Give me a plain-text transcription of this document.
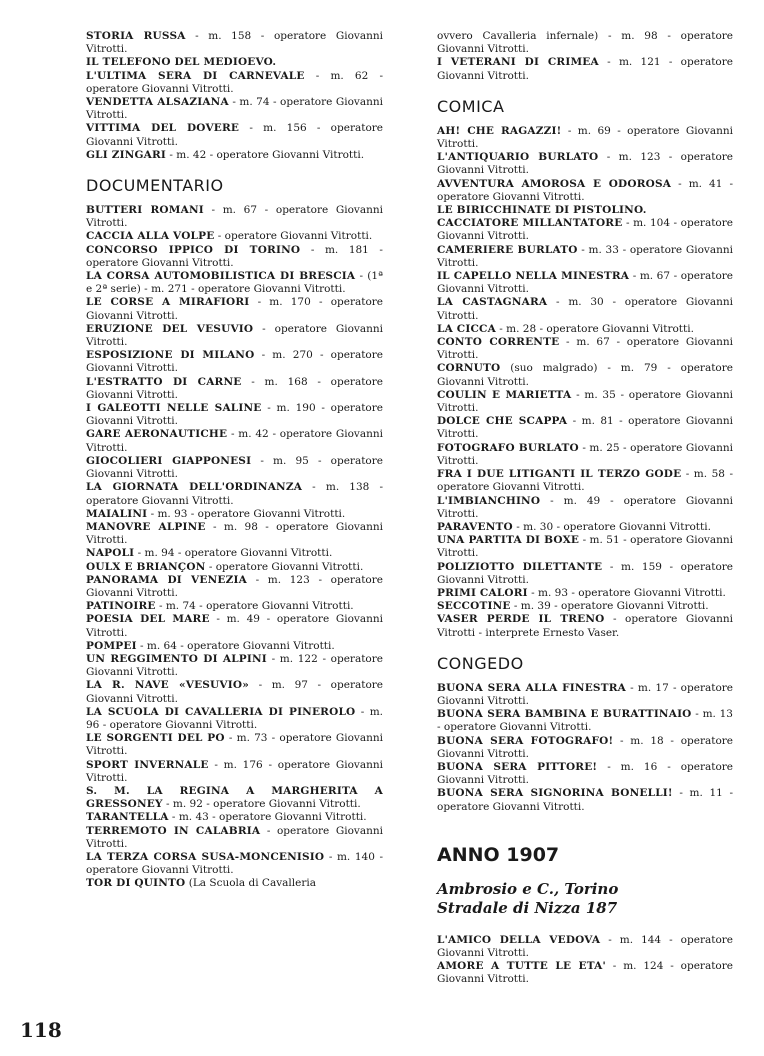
STORIA RUSSA - m. 158 - operatore Giovanni Vitrotti.
IL TELEFONO DEL MEDIOEVO.
L'ULTIMA SERA DI CARNEVALE - m. 62 - operatore Giovanni Vitrotti.
VENDETTA ALSAZIANA - m. 74 - operatore Giovanni Vitrotti.
VITTIMA DEL DOVERE - m. 156 - operatore Giovanni Vitrotti.
GLI ZINGARI - m. 42 - operatore Giovanni Vitrotti.
DOCUMENTARIO
BUTTERI ROMANI - m. 67 - operatore Giovanni Vitrotti.
CACCIA ALLA VOLPE - operatore Giovanni Vitrotti.
CONCORSO IPPICO DI TORINO - m. 181 - operatore Giovanni Vitrotti.
LA CORSA AUTOMOBILISTICA DI BRESCIA - (1ª e 2ª serie) - m. 271 - operatore Giovanni Vitrotti.
LE CORSE A MIRAFIORI - m. 170 - operatore Giovanni Vitrotti.
ERUZIONE DEL VESUVIO - operatore Giovanni Vitrotti.
ESPOSIZIONE DI MILANO - m. 270 - operatore Giovanni Vitrotti.
L'ESTRATTO DI CARNE - m. 168 - operatore Giovanni Vitrotti.
I GALEOTTI NELLE SALINE - m. 190 - operatore Giovanni Vitrotti.
GARE AERONAUTICHE - m. 42 - operatore Giovanni Vitrotti.
GIOCOLIERI GIAPPONESI - m. 95 - operatore Giovanni Vitrotti.
LA GIORNATA DELL'ORDINANZA - m. 138 - operatore Giovanni Vitrotti.
MAIALINI - m. 93 - operatore Giovanni Vitrotti.
MANOVRE ALPINE - m. 98 - operatore Giovanni Vitrotti.
NAPOLI - m. 94 - operatore Giovanni Vitrotti.
OULX E BRIANÇON - operatore Giovanni Vitrotti.
PANORAMA DI VENEZIA - m. 123 - operatore Giovanni Vitrotti.
PATINOIRE - m. 74 - operatore Giovanni Vitrotti.
POESIA DEL MARE - m. 49 - operatore Giovanni Vitrotti.
POMPEI - m. 64 - operatore Giovanni Vitrotti.
UN REGGIMENTO DI ALPINI - m. 122 - operatore Giovanni Vitrotti.
LA R. NAVE «VESUVIO» - m. 97 - operatore Giovanni Vitrotti.
LA SCUOLA DI CAVALLERIA DI PINEROLO - m. 96 - operatore Giovanni Vitrotti.
LE SORGENTI DEL PO - m. 73 - operatore Giovanni Vitrotti.
SPORT INVERNALE - m. 176 - operatore Giovanni Vitrotti.
S. M. LA REGINA A MARGHERITA A GRESSONEY - m. 92 - operatore Giovanni Vitrotti.
TARANTELLA - m. 43 - operatore Giovanni Vitrotti.
TERREMOTO IN CALABRIA - operatore Giovanni Vitrotti.
LA TERZA CORSA SUSA-MONCENISIO - m. 140 - operatore Giovanni Vitrotti.
TOR DI QUINTO (La Scuola di Cavalleria
ovvero Cavalleria infernale) - m. 98 - operatore Giovanni Vitrotti.
I VETERANI DI CRIMEA - m. 121 - operatore Giovanni Vitrotti.
COMICA
AH! CHE RAGAZZI! - m. 69 - operatore Giovanni Vitrotti.
L'ANTIQUARIO BURLATO - m. 123 - operatore Giovanni Vitrotti.
AVVENTURA AMOROSA E ODOROSA - m. 41 - operatore Giovanni Vitrotti.
LE BIRICCHINATE DI PISTOLINO.
CACCIATORE MILLANTATORE - m. 104 - operatore Giovanni Vitrotti.
CAMERIERE BURLATO - m. 33 - operatore Giovanni Vitrotti.
IL CAPELLO NELLA MINESTRA - m. 67 - operatore Giovanni Vitrotti.
LA CASTAGNARA - m. 30 - operatore Giovanni Vitrotti.
LA CICCA - m. 28 - operatore Giovanni Vitrotti.
CONTO CORRENTE - m. 67 - operatore Giovanni Vitrotti.
CORNUTO (suo malgrado) - m. 79 - operatore Giovanni Vitrotti.
COULIN E MARIETTA - m. 35 - operatore Giovanni Vitrotti.
DOLCE CHE SCAPPA - m. 81 - operatore Giovanni Vitrotti.
FOTOGRAFO BURLATO - m. 25 - operatore Giovanni Vitrotti.
FRA I DUE LITIGANTI IL TERZO GODE - m. 58 - operatore Giovanni Vitrotti.
L'IMBIANCHINO - m. 49 - operatore Giovanni Vitrotti.
PARAVENTO - m. 30 - operatore Giovanni Vitrotti.
UNA PARTITA DI BOXE - m. 51 - operatore Giovanni Vitrotti.
POLIZIOTTO DILETTANTE - m. 159 - operatore Giovanni Vitrotti.
PRIMI CALORI - m. 93 - operatore Giovanni Vitrotti.
SECCOTINE - m. 39 - operatore Giovanni Vitrotti.
VASER PERDE IL TRENO - operatore Giovanni Vitrotti - interprete Ernesto Vaser.
CONGEDO
BUONA SERA ALLA FINESTRA - m. 17 - operatore Giovanni Vitrotti.
BUONA SERA BAMBINA E BURATTINAIO - m. 13 - operatore Giovanni Vitrotti.
BUONA SERA FOTOGRAFO! - m. 18 - operatore Giovanni Vitrotti.
BUONA SERA PITTORE! - m. 16 - operatore Giovanni Vitrotti.
BUONA SERA SIGNORINA BONELLI! - m. 11 - operatore Giovanni Vitrotti.
ANNO 1907
Ambrosio e C., Torino
Stradale di Nizza 187
L'AMICO DELLA VEDOVA - m. 144 - operatore Giovanni Vitrotti.
AMORE A TUTTE LE ETA' - m. 124 - operatore Giovanni Vitrotti.
118
